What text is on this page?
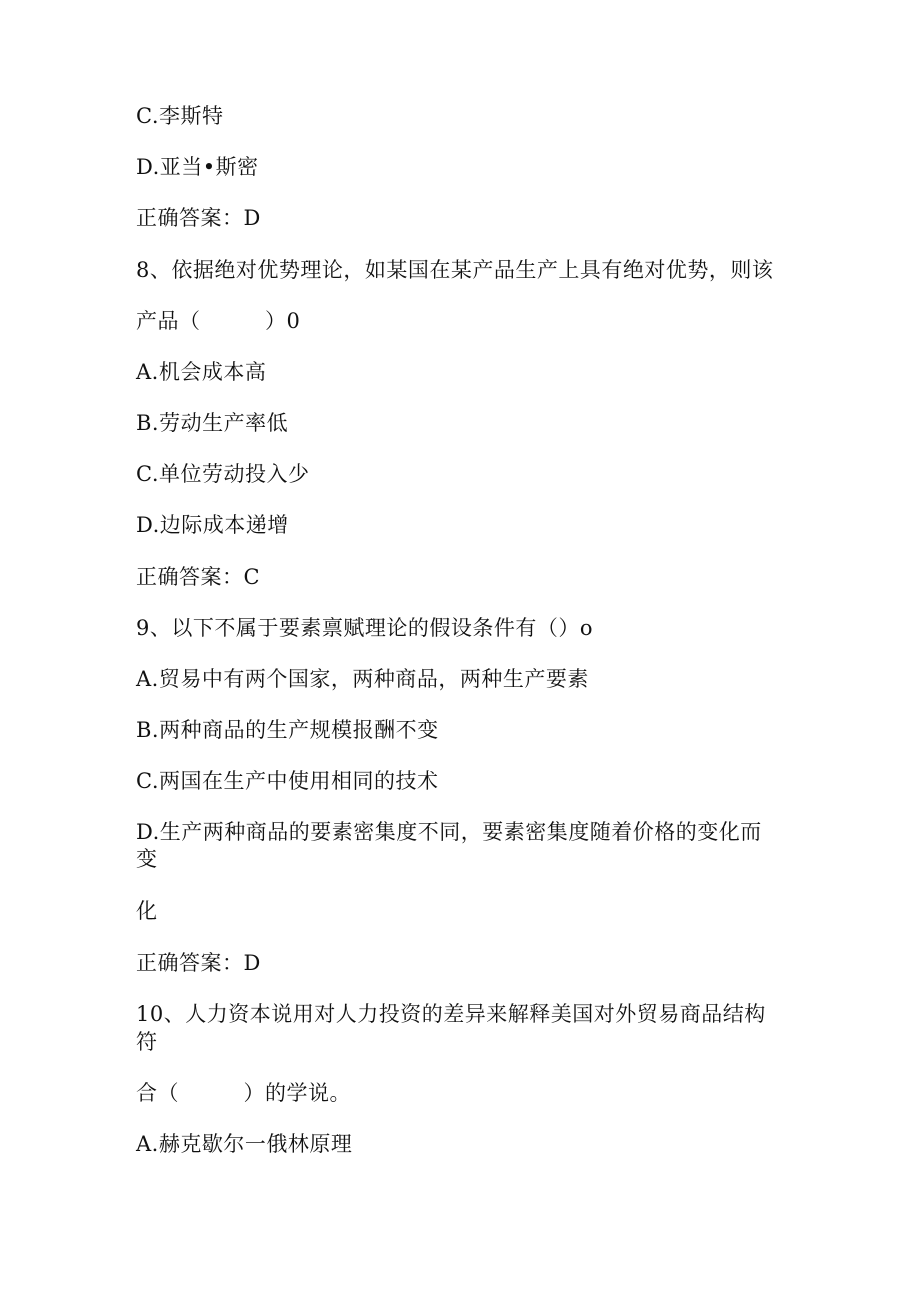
C.李斯特
D.亚当•斯密
正确答案：D
8、依据绝对优势理论，如某国在某产品生产上具有绝对优势，则该
产品（　　　）0
A.机会成本高
B.劳动生产率低
C.单位劳动投入少
D.边际成本递增
正确答案：C
9、以下不属于要素禀赋理论的假设条件有（）o
A.贸易中有两个国家，两种商品，两种生产要素
B.两种商品的生产规模报酬不变
C.两国在生产中使用相同的技术
D.生产两种商品的要素密集度不同，要素密集度随着价格的变化而
变
化
正确答案：D
10、人力资本说用对人力投资的差异来解释美国对外贸易商品结构
符
合（　　　）的学说。
A.赫克歇尔一俄林原理
